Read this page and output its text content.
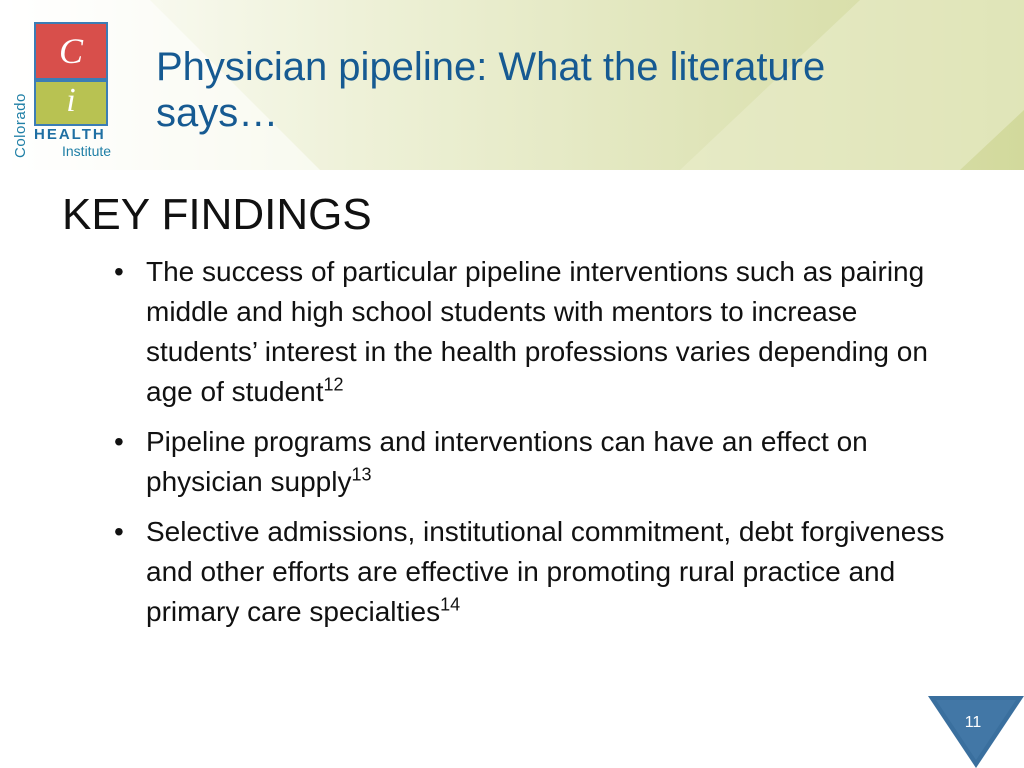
Colorado
C
i
HEALTH
Institute
Physician pipeline: What the literature says…
KEY FINDINGS
• The success of particular pipeline interventions such as pairing middle and high school students with mentors to increase students’ interest in the health professions varies depending on age of student$^{12}$
• Pipeline programs and interventions can have an effect on physician supply$^{13}$
• Selective admissions, institutional commitment, debt forgiveness and other efforts are effective in promoting rural practice and primary care specialties$^{14}$
11
